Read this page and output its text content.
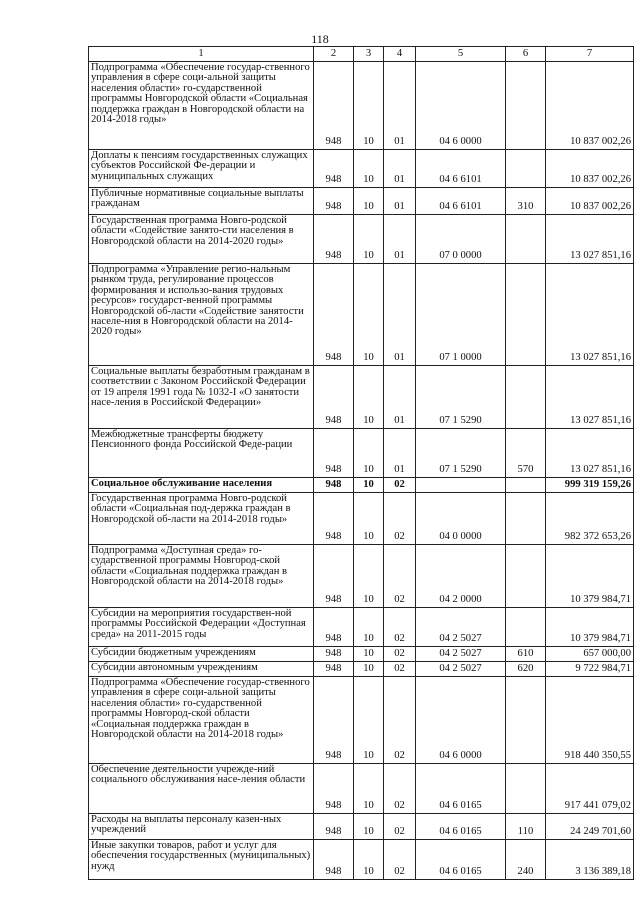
118
1	2	3	4	5	6	7
Подпрограмма «Обеспечение государ-ственного управления в сфере соци-альной защиты населения области» го-сударственной программы Новгородской области «Социальная поддержка граждан в Новгородской области на 2014-2018 годы»	948	10	01	04 6 0000		10 837 002,26
Доплаты к пенсиям государственных служащих субъектов Российской Фе-дерации и муниципальных служащих	948	10	01	04 6 6101		10 837 002,26
Публичные нормативные социальные выплаты гражданам	948	10	01	04 6 6101	310	10 837 002,26
Государственная программа Новго-родской области «Содействие занято-сти населения в Новгородской области на 2014-2020 годы»	948	10	01	07 0 0000		13 027 851,16
Подпрограмма «Управление регио-нальным рынком труда, регулирование процессов формирования и использо-вания трудовых ресурсов» государст-венной программы Новгородской об-ласти «Содействие занятости населе-ния в Новгородской области на 2014-2020 годы»	948	10	01	07 1 0000		13 027 851,16
Социальные выплаты безработным гражданам в соответствии с Законом Российской Федерации от 19 апреля 1991 года № 1032-I «О занятости насе-ления в Российской Федерации»	948	10	01	07 1 5290		13 027 851,16
Межбюджетные трансферты бюджету Пенсионного фонда Российской Феде-рации	948	10	01	07 1 5290	570	13 027 851,16
Социальное обслуживание населения	948	10	02			999 319 159,26
Государственная программа Новго-родской области «Социальная под-держка граждан в Новгородской об-ласти на 2014-2018 годы»	948	10	02	04 0 0000		982 372 653,26
Подпрограмма «Доступная среда» го-сударственной программы Новгород-ской области «Социальная поддержка граждан в Новгородской области на 2014-2018 годы»	948	10	02	04 2 0000		10 379 984,71
Субсидии на мероприятия государствен-ной программы Российской Федерации «Доступная среда» на 2011-2015 годы	948	10	02	04 2 5027		10 379 984,71
Субсидии бюджетным учреждениям	948	10	02	04 2 5027	610	657 000,00
Субсидии автономным учреждениям	948	10	02	04 2 5027	620	9 722 984,71
Подпрограмма «Обеспечение государ-ственного управления в сфере соци-альной защиты населения области» го-сударственной программы Новгород-ской области «Социальная поддержка граждан в Новгородской области на 2014-2018 годы»	948	10	02	04 6 0000		918 440 350,55
Обеспечение деятельности учрежде-ний социального обслуживания насе-ления области	948	10	02	04 6 0165		917 441 079,02
Расходы на выплаты персоналу казен-ных учреждений	948	10	02	04 6 0165	110	24 249 701,60
Иные закупки товаров, работ и услуг для обеспечения государственных (муниципальных) нужд	948	10	02	04 6 0165	240	3 136 389,18
